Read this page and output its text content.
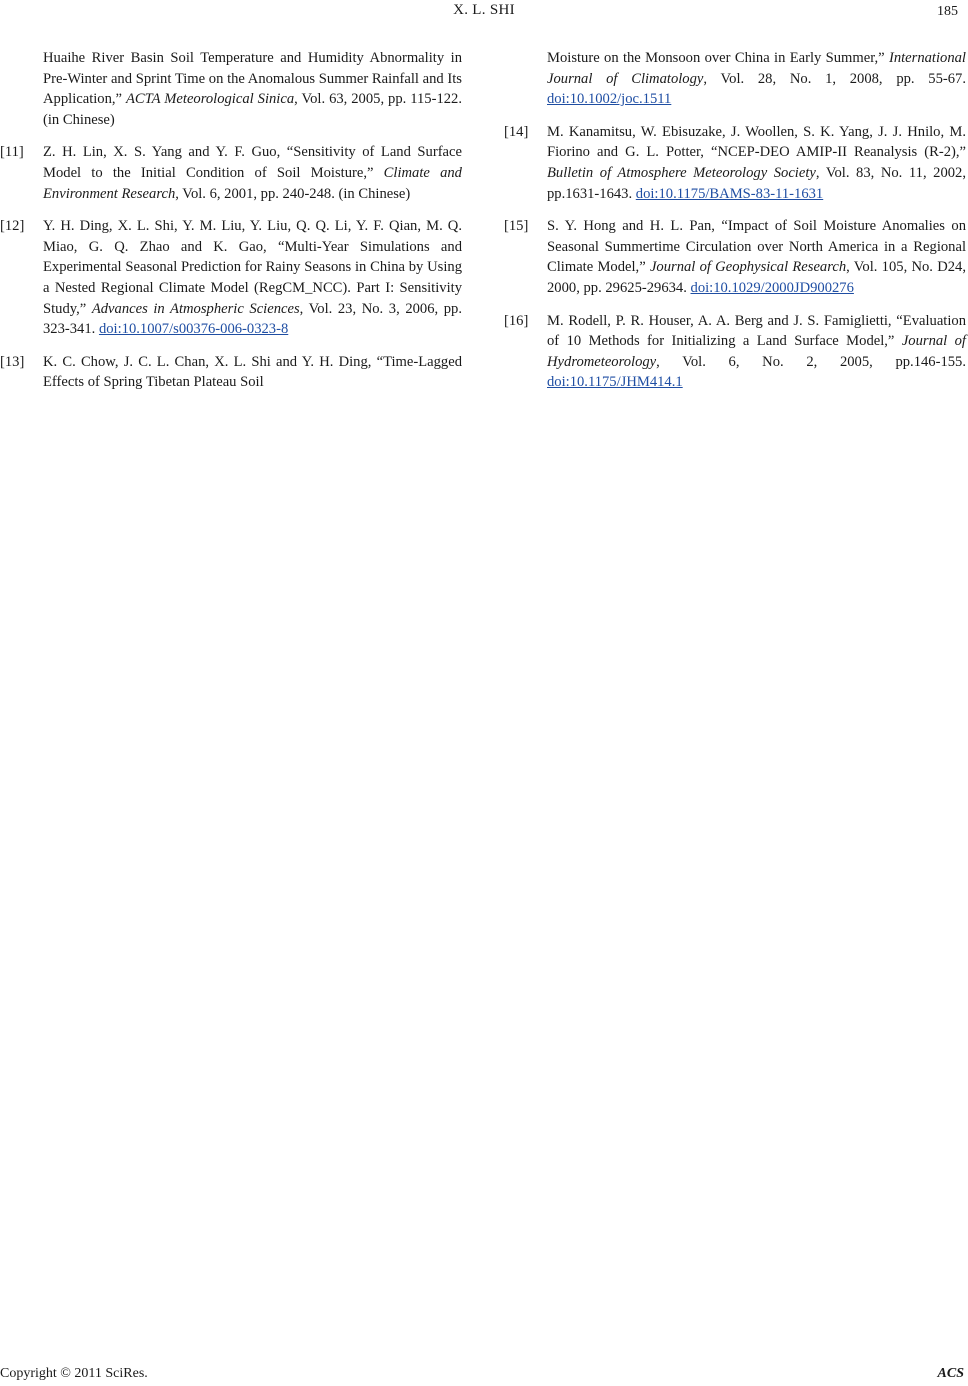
X. L. SHI	185

Huaihe River Basin Soil Temperature and Humidity Abnormality in Pre-Winter and Sprint Time on the Anomalous Summer Rainfall and Its Application,” ACTA Meteorological Sinica, Vol. 63, 2005, pp. 115-122. (in Chinese)

[11] Z. H. Lin, X. S. Yang and Y. F. Guo, “Sensitivity of Land Surface Model to the Initial Condition of Soil Moisture,” Climate and Environment Research, Vol. 6, 2001, pp. 240-248. (in Chinese)
[12] Y. H. Ding, X. L. Shi, Y. M. Liu, Y. Liu, Q. Q. Li, Y. F. Qian, M. Q. Miao, G. Q. Zhao and K. Gao, “Multi-Year Simulations and Experimental Seasonal Prediction for Rainy Seasons in China by Using a Nested Regional Climate Model (RegCM_NCC). Part I: Sensitivity Study,” Advances in Atmospheric Sciences, Vol. 23, No. 3, 2006, pp. 323-341. doi:10.1007/s00376-006-0323-8
[13] K. C. Chow, J. C. L. Chan, X. L. Shi and Y. H. Ding, “Time-Lagged Effects of Spring Tibetan Plateau Soil

Moisture on the Monsoon over China in Early Summer,” International Journal of Climatology, Vol. 28, No. 1, 2008, pp. 55-67. doi:10.1002/joc.1511

[14] M. Kanamitsu, W. Ebisuzake, J. Woollen, S. K. Yang, J. J. Hnilo, M. Fiorino and G. L. Potter, “NCEP-DEO AMIP-II Reanalysis (R-2),” Bulletin of Atmosphere Meteorology Society, Vol. 83, No. 11, 2002, pp.1631-1643. doi:10.1175/BAMS-83-11-1631
[15] S. Y. Hong and H. L. Pan, “Impact of Soil Moisture Anomalies on Seasonal Summertime Circulation over North America in a Regional Climate Model,” Journal of Geophysical Research, Vol. 105, No. D24, 2000, pp. 29625-29634. doi:10.1029/2000JD900276
[16] M. Rodell, P. R. Houser, A. A. Berg and J. S. Famiglietti, “Evaluation of 10 Methods for Initializing a Land Surface Model,” Journal of Hydrometeorology, Vol. 6, No. 2, 2005, pp.146-155. doi:10.1175/JHM414.1
Copyright © 2011 SciRes.	ACS
